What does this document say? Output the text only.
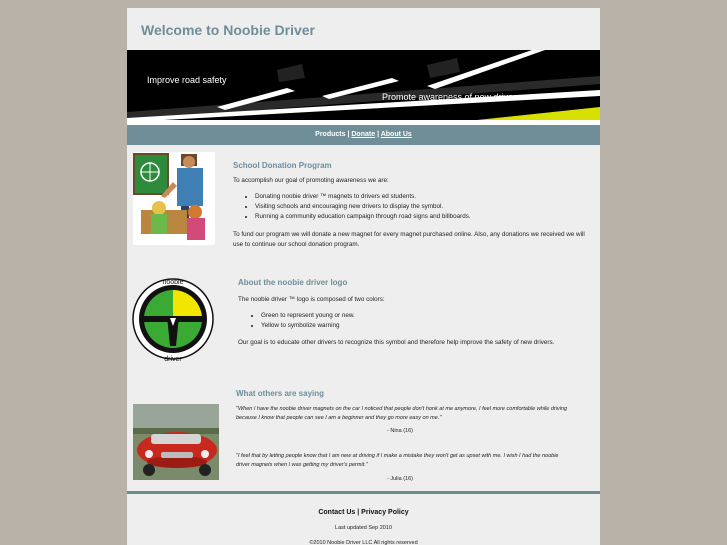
Welcome to Noobie Driver
Improve road safety
Promote awareness of new drivers
Products | Donate | About Us
School Donation Program
To accomplish our goal of promoting awareness we are:
• Donating noobie driver ™ magnets to drivers ed students.
• Visiting schools and encouraging new drivers to display the symbol.
• Running a community education campaign through road signs and billboards.
To fund our program we will donate a new magnet for every magnet purchased online. Also, any donations we received we will use to continue our school donation program.
noobie
driver
About the noobie driver logo
The noobie driver ™ logo is composed of two colors:
• Green to represent young or new.
• Yellow to symbolize warning
Our goal is to educate other drivers to recognize this symbol and therefore help improve the safety of new drivers.
What others are saying
"When I have the noobie driver magnets on the car I noticed that people don't honk at me anymore, I feel more comfortable while driving because I know that people can see I am a beginner and they go more easy on me."
- Nina (16)
"I feel that by letting people know that I am new at driving if I make a mistake they won't get as upset with me. I wish I had the noobie driver magnets when I was getting my driver's permit."
- Julia (16)
Contact Us | Privacy Policy
Last updated Sep 2010
©2010 Noobie Driver LLC All rights reserved
